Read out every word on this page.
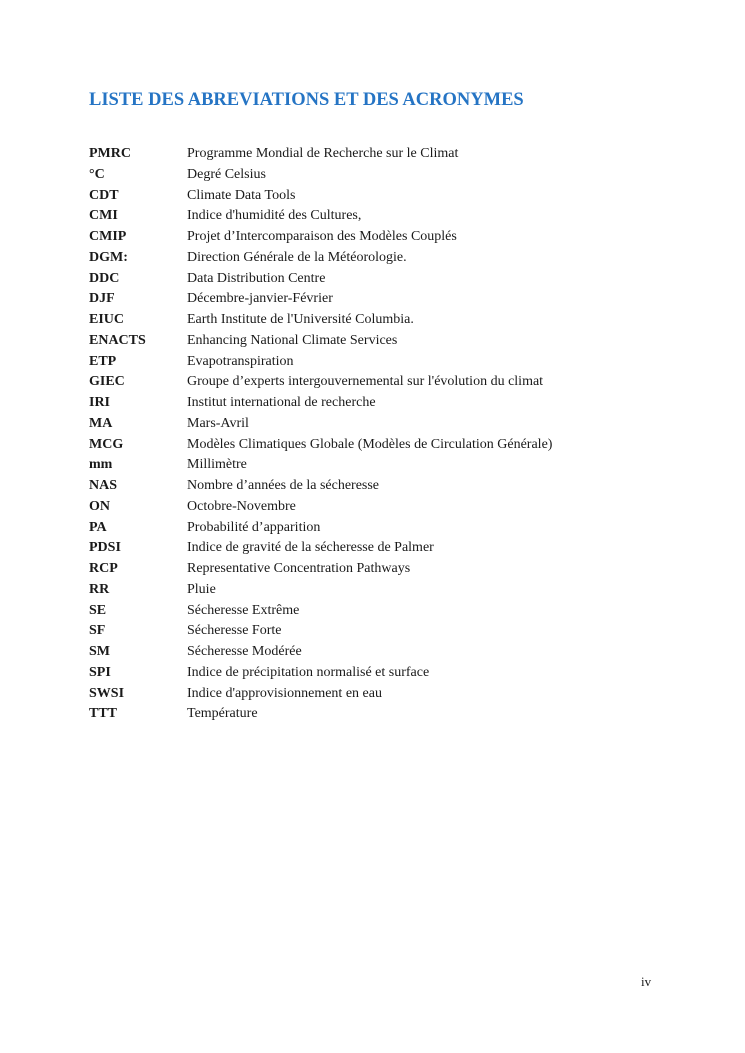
LISTE DES ABREVIATIONS ET DES ACRONYMES
PMRC	Programme Mondial de Recherche sur le Climat
°C	Degré Celsius
CDT	Climate Data Tools
CMI	Indice d'humidité des Cultures,
CMIP	Projet d’Intercomparaison des Modèles Couplés
DGM:	Direction Générale de la Météorologie.
DDC	Data Distribution Centre
DJF	Décembre-janvier-Février
EIUC	Earth Institute de l'Université Columbia.
ENACTS	Enhancing National Climate Services
ETP	Evapotranspiration
GIEC	Groupe d’experts intergouvernemental sur l'évolution du climat
IRI	Institut international de recherche
MA	Mars-Avril
MCG	Modèles Climatiques Globale (Modèles de Circulation Générale)
mm	Millimètre
NAS	Nombre d’années de la sécheresse
ON	Octobre-Novembre
PA	Probabilité d’apparition
PDSI	Indice de gravité de la sécheresse de Palmer
RCP	Representative Concentration Pathways
RR	Pluie
SE	Sécheresse Extrême
SF	Sécheresse Forte
SM	Sécheresse Modérée
SPI	Indice de précipitation normalisé et surface
SWSI	Indice d'approvisionnement en eau
TTT	Température
iv
